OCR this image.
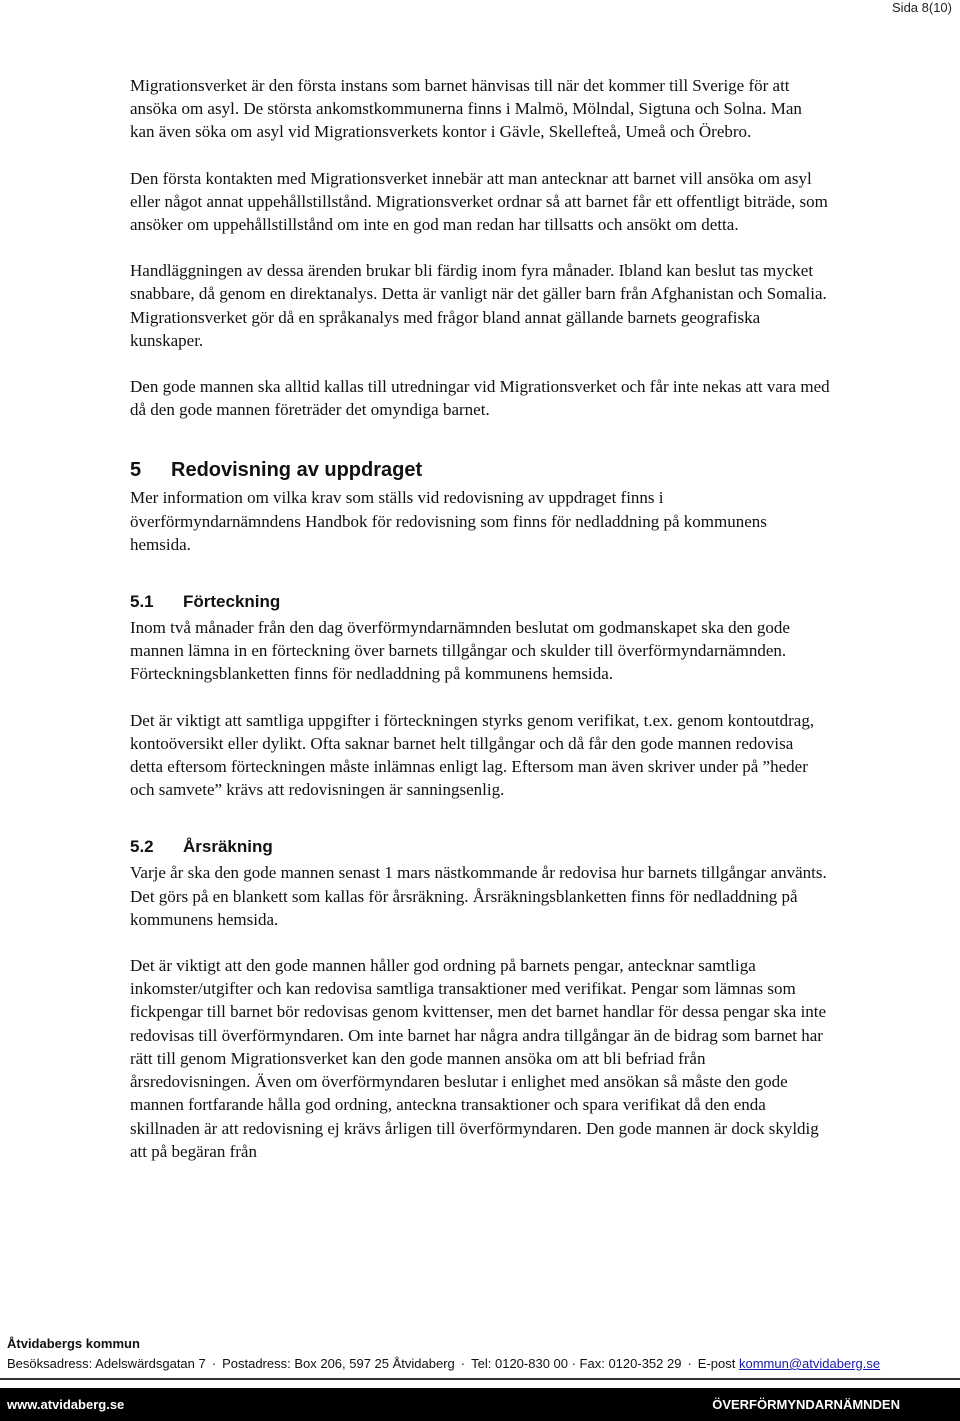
Sida 8(10)

Migrationsverket är den första instans som barnet hänvisas till när det kommer till Sverige för att ansöka om asyl. De största ankomstkommunerna finns i Malmö, Mölndal, Sigtuna och Solna. Man kan även söka om asyl vid Migrationsverkets kontor i Gävle, Skellefteå, Umeå och Örebro.

Den första kontakten med Migrationsverket innebär att man antecknar att barnet vill ansöka om asyl eller något annat uppehållstillstånd. Migrationsverket ordnar så att barnet får ett offentligt biträde, som ansöker om uppehållstillstånd om inte en god man redan har tillsatts och ansökt om detta.

Handläggningen av dessa ärenden brukar bli färdig inom fyra månader. Ibland kan beslut tas mycket snabbare, då genom en direktanalys. Detta är vanligt när det gäller barn från Afghanistan och Somalia. Migrationsverket gör då en språkanalys med frågor bland annat gällande barnets geografiska kunskaper.

Den gode mannen ska alltid kallas till utredningar vid Migrationsverket och får inte nekas att vara med då den gode mannen företräder det omyndiga barnet.

5 Redovisning av uppdraget

Mer information om vilka krav som ställs vid redovisning av uppdraget finns i överförmyndarnämndens Handbok för redovisning som finns för nedladdning på kommunens hemsida.

5.1 Förteckning

Inom två månader från den dag överförmyndarnämnden beslutat om godmanskapet ska den gode mannen lämna in en förteckning över barnets tillgångar och skulder till överförmyndarnämnden. Förteckningsblanketten finns för nedladdning på kommunens hemsida.

Det är viktigt att samtliga uppgifter i förteckningen styrks genom verifikat, t.ex. genom kontoutdrag, kontoöversikt eller dylikt. Ofta saknar barnet helt tillgångar och då får den gode mannen redovisa detta eftersom förteckningen måste inlämnas enligt lag. Eftersom man även skriver under på ”heder och samvete” krävs att redovisningen är sanningsenlig.

5.2 Årsräkning

Varje år ska den gode mannen senast 1 mars nästkommande år redovisa hur barnets tillgångar använts. Det görs på en blankett som kallas för årsräkning. Årsräkningsblanketten finns för nedladdning på kommunens hemsida.

Det är viktigt att den gode mannen håller god ordning på barnets pengar, antecknar samtliga inkomster/utgifter och kan redovisa samtliga transaktioner med verifikat. Pengar som lämnas som fickpengar till barnet bör redovisas genom kvittenser, men det barnet handlar för dessa pengar ska inte redovisas till överförmyndaren. Om inte barnet har några andra tillgångar än de bidrag som barnet har rätt till genom Migrationsverket kan den gode mannen ansöka om att bli befriad från årsredovisningen. Även om överförmyndaren beslutar i enlighet med ansökan så måste den gode mannen fortfarande hålla god ordning, anteckna transaktioner och spara verifikat då den enda skillnaden är att redovisning ej krävs årligen till överförmyndaren. Den gode mannen är dock skyldig att på begäran från

Åtvidabergs kommun
Besöksadress: Adelswärdsgatan 7 · Postadress: Box 206, 597 25 Åtvidaberg · Tel: 0120-830 00 · Fax: 0120-352 29 · E-post kommun@atvidaberg.se
www.atvidaberg.se	ÖVERFÖRMYNDARNÄMNDEN
